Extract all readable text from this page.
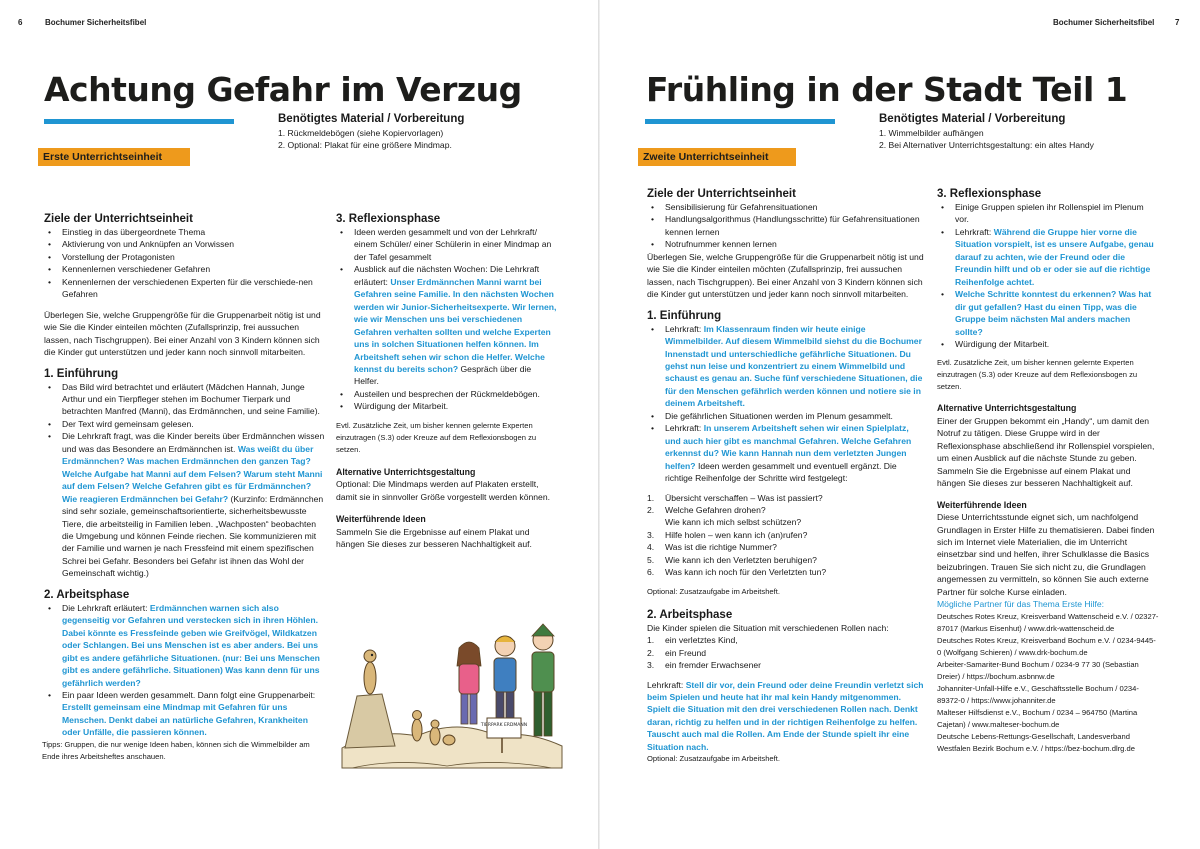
6	Bochumer Sicherheitsfibel
Achtung Gefahr im Verzug
Benötigtes Material / Vorbereitung
1. Rückmeldebögen (siehe Kopiervorlagen)
2. Optional: Plakat für eine größere Mindmap.
Erste Unterrichtseinheit
Ziele der Unterrichtseinheit
• Einstieg in das übergeordnete Thema
• Aktivierung von und Anknüpfen an Vorwissen
• Vorstellung der Protagonisten
• Kennenlernen verschiedener Gefahren
• Kennenlernen der verschiedenen Experten für die verschiede-nen Gefahren

Überlegen Sie, welche Gruppengröße für die Gruppenarbeit nötig ist und wie Sie die Kinder einteilen möchten (Zufallsprinzip, frei aussuchen lassen, nach Tischgruppen). Bei einer Anzahl von 3 Kindern können sich die Kinder gut unterstützen und jeder kann noch sinnvoll mitarbeiten.

1. Einführung
• Das Bild wird betrachtet und erläutert (Mädchen Hannah, Junge Arthur und ein Tierpfleger stehen im Bochumer Tierpark und betrachten Manfred (Manni), das Erdmännchen, und seine Familie).
• Der Text wird gemeinsam gelesen.
• Die Lehrkraft fragt, was die Kinder bereits über Erdmännchen wissen und was das Besondere an Erdmännchen ist. Was weißt du über Erdmännchen? Was machen Erdmännchen den ganzen Tag? Welche Aufgabe hat Manni auf dem Felsen? Warum steht Manni auf dem Felsen? Welche Gefahren gibt es für Erdmännchen? Wie reagieren Erdmännchen bei Gefahr? (Kurzinfo: Erdmännchen sind sehr soziale, gemeinschaftsorientierte, sicherheitsbewusste Tiere, die arbeitsteilig in Familien leben. „Wachposten“ beobachten die Umgebung und können Feinde riechen. Sie kommunizieren mit der Familie und warnen je nach Fressfeind mit einem spezifischen Schrei bei Gefahr. Besonders bei Gefahr ist ihnen das Wohl der Gemeinschaft wichtig.)
2. Arbeitsphase
• Die Lehrkraft erläutert: Erdmännchen warnen sich also gegenseitig vor Gefahren und verstecken sich in ihren Höhlen. Dabei könnte es Fressfeinde geben wie Greifvögel, Wildkatzen oder Schlangen. Bei uns Menschen ist es aber anders. Bei uns gibt es andere gefährliche Situationen. (nur: Bei uns Menschen gibt es andere gefährliche. Situationen) Was kann denn für uns gefährlich werden?
• Ein paar Ideen werden gesammelt. Dann folgt eine Gruppenarbeit: Erstellt gemeinsam eine Mindmap mit Gefahren für uns Menschen. Denkt dabei an natürliche Gefahren, Krankheiten oder Unfälle, die passieren können.

Tipps: Gruppen, die nur wenige Ideen haben, können sich die Wimmelbilder am Ende ihres Arbeitsheftes anschauen.

3. Reflexionsphase
• Ideen werden gesammelt und von der Lehrkraft/ einem Schüler/ einer Schülerin in einer Mindmap an der Tafel gesammelt
• Ausblick auf die nächsten Wochen: Die Lehrkraft erläutert: Unser Erdmännchen Manni warnt bei Gefahren seine Familie. In den nächsten Wochen werden wir Junior-Sicherheitsexperte. Wir lernen, wie wir Menschen uns bei verschiedenen Gefahren verhalten sollten und welche Experten uns in solchen Situationen helfen können. Im Arbeitsheft sehen wir schon die Helfer. Welche kennst du bereits schon? Gespräch über die Helfer.
• Austeilen und besprechen der Rückmeldebögen.
• Würdigung der Mitarbeit.

Evtl. Zusätzliche Zeit, um bisher kennen gelernte Experten einzutragen (S.3) oder Kreuze auf dem Reflexionsbogen zu setzen.

Alternative Unterrichtsgestaltung

Optional: Die Mindmaps werden auf Plakaten erstellt, damit sie in sinnvoller Größe vorgestellt werden können.

Weiterführende Ideen

Sammeln Sie die Ergebnisse auf einem Plakat und hängen Sie dieses zur besseren Nachhaltigkeit auf.

TIERPARK ERDMANN
Bochumer Sicherheitsfibel	7
Frühling in der Stadt Teil 1
Benötigtes Material / Vorbereitung
1. Wimmelbilder aufhängen
2. Bei Alternativer Unterrichtsgestaltung: ein altes Handy
Zweite Unterrichtseinheit
Ziele der Unterrichtseinheit
• Sensibilisierung für Gefahrensituationen
• Handlungsalgorithmus (Handlungsschritte) für Gefahrensituationen kennen lernen
• Notrufnummer kennen lernen

Überlegen Sie, welche Gruppengröße für die Gruppenarbeit nötig ist und wie Sie die Kinder einteilen möchten (Zufallsprinzip, frei aussuchen lassen, nach Tischgruppen). Bei einer Anzahl von 3 Kindern können sich die Kinder gut unterstützen und jeder kann noch sinnvoll mitarbeiten.

1. Einführung
• Lehrkraft: Im Klassenraum finden wir heute einige Wimmelbilder. Auf diesem Wimmelbild siehst du die Bochumer Innenstadt und unterschiedliche gefährliche Situationen. Du gehst nun leise und konzentriert zu einem Wimmelbild und schaust es genau an. Suche fünf verschiedene Situationen, die für den Menschen gefährlich werden können und notiere sie in deinem Arbeitsheft.
• Die gefährlichen Situationen werden im Plenum gesammelt.
• Lehrkraft: In unserem Arbeitsheft sehen wir einen Spielplatz, und auch hier gibt es manchmal Gefahren. Welche Gefahren erkennst du? Wie kann Hannah nun dem verletzten Jungen helfen? Ideen werden gesammelt und eventuell ergänzt. Die richtige Reihenfolge der Schritte wird festgelegt:
1. Übersicht verschaffen – Was ist passiert?
2. Welche Gefahren drohen?
Wie kann ich mich selbst schützen?
3. Hilfe holen – wen kann ich (an)rufen?
4. Was ist die richtige Nummer?
5. Wie kann ich den Verletzten beruhigen?
6. Was kann ich noch für den Verletzten tun?

Optional: Zusatzaufgabe im Arbeitsheft.

2. Arbeitsphase

Die Kinder spielen die Situation mit verschiedenen Rollen nach:

1. ein verletztes Kind,
2. ein Freund
3. ein fremder Erwachsener

Lehrkraft: Stell dir vor, dein Freund oder deine Freundin verletzt sich beim Spielen und heute hat ihr mal kein Handy mitgenommen. Spielt die Situation mit den drei verschiedenen Rollen nach. Denkt daran, richtig zu helfen und in der richtigen Reihenfolge zu helfen. Tauscht auch mal die Rollen. Am Ende der Stunde spielt ihr eine Situation nach.

Optional: Zusatzaufgabe im Arbeitsheft.

3. Reflexionsphase
• Einige Gruppen spielen ihr Rollenspiel im Plenum vor.
• Lehrkraft: Während die Gruppe hier vorne die Situation vorspielt, ist es unsere Aufgabe, genau darauf zu achten, wie der Freund oder die Freundin hilft und ob er oder sie auf die richtige Reihenfolge achtet.
• Welche Schritte konntest du erkennen? Was hat dir gut gefallen? Hast du einen Tipp, was die Gruppe beim nächsten Mal anders machen sollte?
• Würdigung der Mitarbeit.

Evtl. Zusätzliche Zeit, um bisher kennen gelernte Experten einzutragen (S.3) oder Kreuze auf dem Reflexionsbogen zu setzen.

Alternative Unterrichtsgestaltung

Einer der Gruppen bekommt ein „Handy“, um damit den Notruf zu tätigen. Diese Gruppe wird in der Reflexionsphase abschließend ihr Rollenspiel vorspielen, um einen Ausblick auf die nächste Stunde zu geben. Sammeln Sie die Ergebnisse auf einem Plakat und hängen Sie dieses zur besseren Nachhaltigkeit auf.

Weiterführende Ideen

Diese Unterrichtsstunde eignet sich, um nachfolgend Grundlagen in Erster Hilfe zu thematisieren. Dabei finden sich im Internet viele Materialien, die im Unterricht einsetzbar sind und helfen, ihrer Schulklasse die Basics beizubringen. Trauen Sie sich nicht zu, die Grundlagen angemessen zu vermitteln, so können Sie auch externe Partner für solche Kurse einladen.

Mögliche Partner für das Thema Erste Hilfe:

Deutsches Rotes Kreuz, Kreisverband Wattenscheid e.V. / 02327-87017 (Markus Eisenhut) / www.drk-wattenscheid.de

Deutsches Rotes Kreuz, Kreisverband Bochum e.V. / 0234-9445-0 (Wolfgang Schieren) / www.drk-bochum.de

Arbeiter-Samariter-Bund Bochum / 0234-9 77 30 (Sebastian Dreier) / https://bochum.asbnnw.de

Johanniter-Unfall-Hilfe e.V., Geschäftsstelle Bochum / 0234-89372-0 / https://www.johanniter.de

Malteser Hilfsdienst e.V., Bochum / 0234 – 964750 (Martina Cajetan) / www.malteser-bochum.de

Deutsche Lebens-Rettungs-Gesellschaft, Landesverband Westfalen Bezirk Bochum e.V. / https://bez-bochum.dlrg.de
